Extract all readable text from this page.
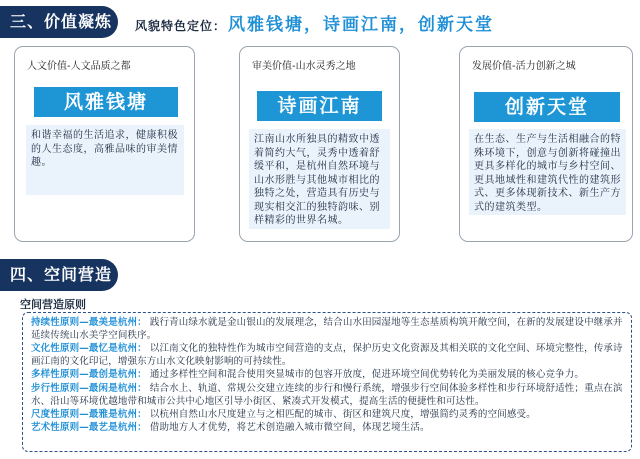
三、价值凝炼	风貌特色定位： 风雅钱塘，诗画江南，创新天堂
人文价值-人文品质之都
风雅钱塘
和谐幸福的生活追求，健康积极的人生态度，高雅品味的审美情趣。
审美价值-山水灵秀之地
诗画江南
江南山水所独具的精致中透着简约大气，灵秀中透着舒缓平和，是杭州自然环境与山水形胜与其他城市相比的独特之处，营造具有历史与现实相交汇的独特韵味、别样精彩的世界名城。
发展价值-活力创新之城
创新天堂
在生态、生产与生活相融合的特殊环境下，创意与创新将碰撞出更具多样化的城市与乡村空间、更具地域性和建筑代性的建筑形式、更多体现新技术、新生产方式的建筑类型。
四、空间营造
空间营造原则
持续性原则—最美是杭州： 践行青山绿水就是金山银山的发展理念，结合山水田园湿地等生态基质构筑开敞空间，在新的发展建设中继承并延续传统山水美学空间秩序。
文化性原则—最忆是杭州： 以江南文化的独特性作为城市空间营造的支点，保护历史文化资源及其相关联的文化空间、环境完整性，传承诗画江南的文化印记，增强东方山水文化映射影响的可持续性。
多样性原则—最创是杭州： 通过多样性空间和混合使用突显城市的包容开放度，促进环境空间优势转化为美丽发展的核心竞争力。
步行性原则—最闲是杭州： 结合水上、轨道、常规公交建立连续的步行和慢行系统，增强步行空间体验多样性和步行环境舒适性；重点在滨水、沿山等环境优越地带和城市公共中心地区引导小街区、紧凑式开发模式，提高生活的便捷性和可达性。
尺度性原则—最雅是杭州： 以杭州自然山水尺度建立与之相匹配的城市、街区和建筑尺度，增强简约灵秀的空间感受。
艺术性原则—最艺是杭州： 借助地方人才优势，将艺术创造融入城市微空间，体现艺境生活。
